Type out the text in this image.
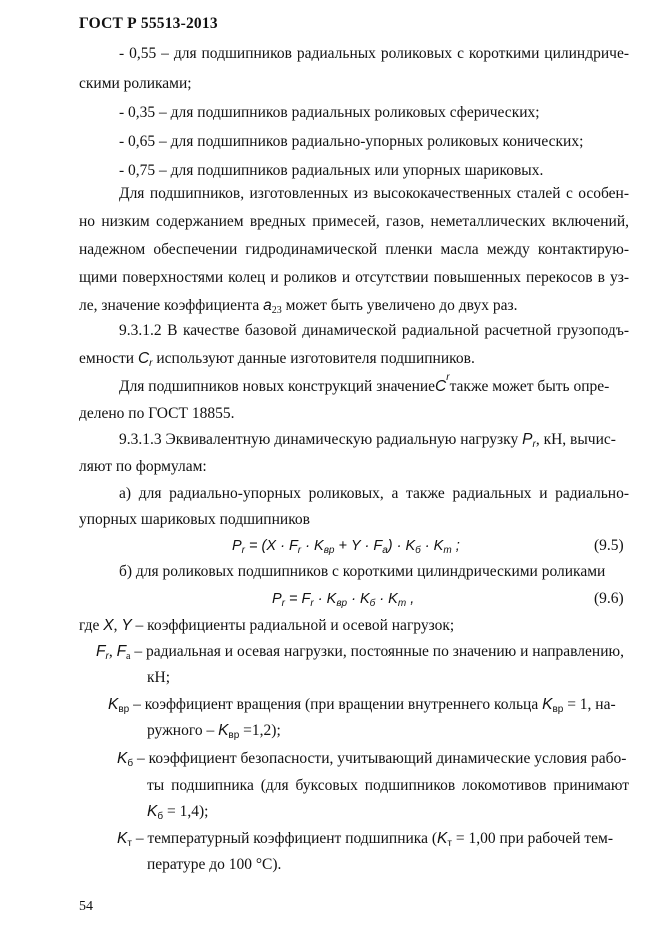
ГОСТ Р 55513-2013
- 0,55 – для подшипников радиальных роликовых с короткими цилиндриче-
скими роликами;
- 0,35 – для подшипников радиальных роликовых сферических;
- 0,65 – для подшипников радиально-упорных роликовых конических;
- 0,75 – для подшипников радиальных или упорных шариковых.
Для подшипников, изготовленных из высококачественных сталей с особен-
но низким содержанием вредных примесей, газов, неметаллических включений,
надежном обеспечении гидродинамической пленки масла между контактирую-
щими поверхностями колец и роликов и отсутствии повышенных перекосов в уз-
ле, значение коэффициента $a_{23}$ может быть увеличено до двух раз.
9.3.1.2 В качестве базовой динамической радиальной расчетной грузоподъ-
емности $C_r$ используют данные изготовителя подшипников.
Для подшипников новых конструкций значение C
r
также может быть опре-
делено по ГОСТ 18855.
9.3.1.3 Эквивалентную динамическую радиальную нагрузку $P_r$, кН, вычис-
ляют по формулам:
а) для радиально-упорных роликовых, а также радиальных и радиально-
упорных шариковых подшипников
$P_r = (X \cdot F_r \cdot K_{вр} + Y \cdot F_а) \cdot K_б \cdot K_т$ ;	(9.5)
б) для роликовых подшипников с короткими цилиндрическими роликами
$P_r = F_r \cdot K_{вр} \cdot K_б \cdot K_т$ ,	(9.6)
где X, Y – коэффициенты радиальной и осевой нагрузок;
$F_r$, $F_a$ – радиальная и осевая нагрузки, постоянные по значению и направлению,
кН;
$K_{вр}$ – коэффициент вращения (при вращении внутреннего кольца $K_{вр} = 1$, на-
ружного – $K_{вр} =1,2$);
$K_б$ – коэффициент безопасности, учитывающий динамические условия рабо-
ты подшипника (для буксовых подшипников локомотивов принимают
$K_б = 1,4$);
$K_т$ – температурный коэффициент подшипника ($K_т = 1,00$ при рабочей тем-
пературе до 100 °С).
54
